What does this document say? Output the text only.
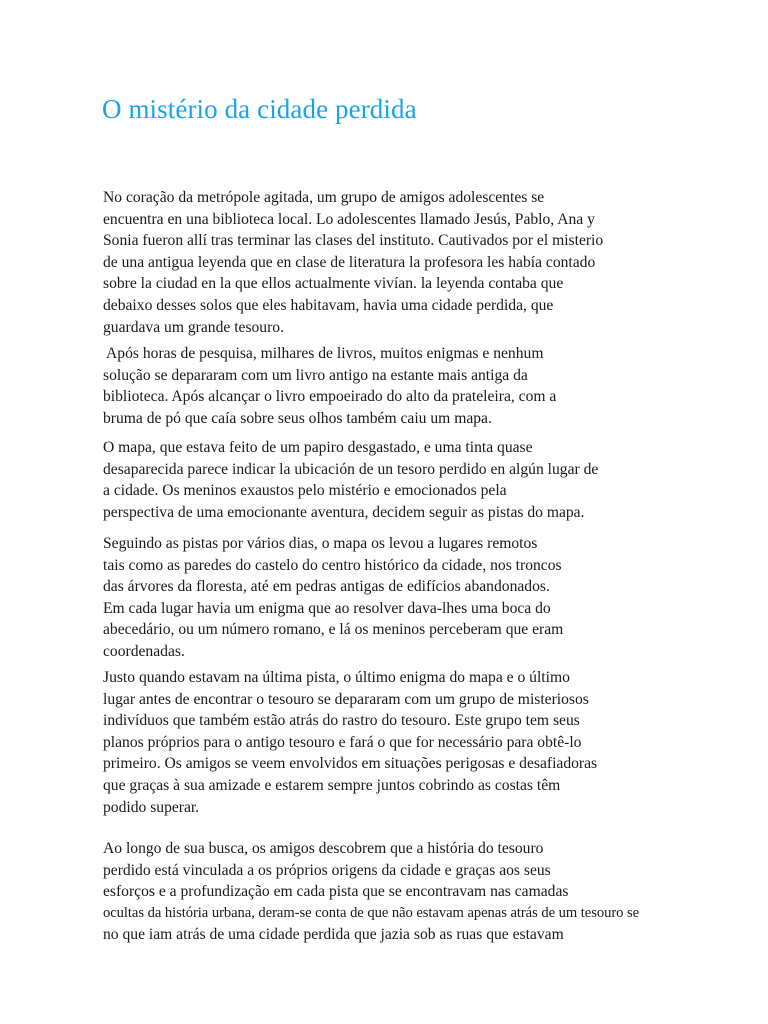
O mistério da cidade perdida

No coração da metrópole agitada, um grupo de amigos adolescentes se
encuentra en una biblioteca local. Lo adolescentes llamado Jesús, Pablo, Ana y
Sonia fueron allí tras terminar las clases del instituto. Cautivados por el misterio
de una antigua leyenda que en clase de literatura la profesora les había contado
sobre la ciudad en la que ellos actualmente vivían. la leyenda contaba que
debaixo desses solos que eles habitavam, havia uma cidade perdida, que
guardava um grande tesouro.

Após horas de pesquisa, milhares de livros, muitos enigmas e nenhum
solução se depararam com um livro antigo na estante mais antiga da
biblioteca. Após alcançar o livro empoeirado do alto da prateleira, com a
bruma de pó que caía sobre seus olhos também caiu um mapa.

O mapa, que estava feito de um papiro desgastado, e uma tinta quase
desaparecida parece indicar la ubicación de un tesoro perdido en algún lugar de
a cidade. Os meninos exaustos pelo mistério e emocionados pela
perspectiva de uma emocionante aventura, decidem seguir as pistas do mapa.

Seguindo as pistas por vários dias, o mapa os levou a lugares remotos
tais como as paredes do castelo do centro histórico da cidade, nos troncos
das árvores da floresta, até em pedras antigas de edifícios abandonados.
Em cada lugar havia um enigma que ao resolver dava-lhes uma boca do
abecedário, ou um número romano, e lá os meninos perceberam que eram
coordenadas.

Justo quando estavam na última pista, o último enigma do mapa e o último
lugar antes de encontrar o tesouro se depararam com um grupo de misteriosos
indivíduos que também estão atrás do rastro do tesouro. Este grupo tem seus
planos próprios para o antigo tesouro e fará o que for necessário para obtê-lo
primeiro. Os amigos se veem envolvidos em situações perigosas e desafiadoras
que graças à sua amizade e estarem sempre juntos cobrindo as costas têm
podido superar.

Ao longo de sua busca, os amigos descobrem que a história do tesouro
perdido está vinculada a os próprios origens da cidade e graças aos seus
esforços e a profundização em cada pista que se encontravam nas camadas
ocultas da história urbana, deram-se conta de que não estavam apenas atrás de um tesouro se
no que iam atrás de uma cidade perdida que jazia sob as ruas que estavam
